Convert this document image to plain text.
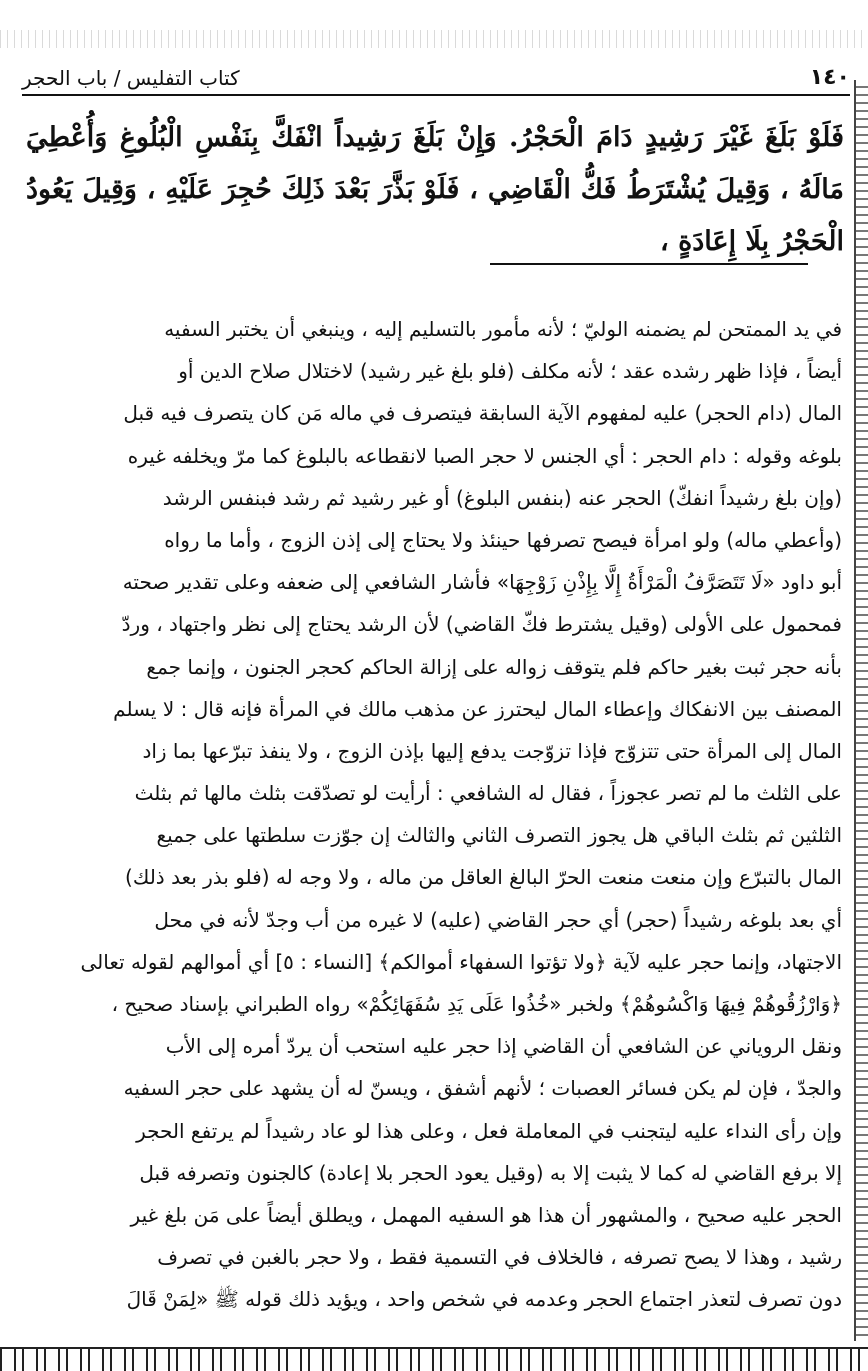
١٤٠
كتاب التفليس / باب الحجر
فَلَوْ بَلَغَ غَيْرَ رَشِيدٍ دَامَ الْحَجْرُ. وَإِنْ بَلَغَ رَشِيداً انْفَكَّ بِنَفْسِ الْبُلُوغِ وَأُعْطِيَ مَالَهُ ، وَقِيلَ يُشْتَرَطُ فَكُّ الْقَاضِي ، فَلَوْ بَذَّرَ بَعْدَ ذَلِكَ حُجِرَ عَلَيْهِ ، وَقِيلَ يَعُودُ الْحَجْرُ بِلَا إِعَادَةٍ ،
في يد الممتحن لم يضمنه الوليّ ؛ لأنه مأمور بالتسليم إليه ، وينبغي أن يختبر السفيه
أيضاً ، فإذا ظهر رشده عقد ؛ لأنه مكلف (فلو بلغ غير رشيد) لاختلال صلاح الدين أو
المال (دام الحجر) عليه لمفهوم الآية السابقة فيتصرف في ماله مَن كان يتصرف فيه قبل
بلوغه وقوله : دام الحجر : أي الجنس لا حجر الصبا لانقطاعه بالبلوغ كما مرّ ويخلفه غيره
(وإن بلغ رشيداً انفكّ) الحجر عنه (بنفس البلوغ) أو غير رشيد ثم رشد فبنفس الرشد
(وأعطي ماله) ولو امرأة فيصح تصرفها حينئذ ولا يحتاج إلى إذن الزوج ، وأما ما رواه
أبو داود «لَا تَتَصَرَّفُ الْمَرْأَةُ إِلَّا بِإِذْنِ زَوْجِهَا» فأشار الشافعي إلى ضعفه وعلى تقدير صحته
فمحمول على الأولى (وقيل يشترط فكّ القاضي) لأن الرشد يحتاج إلى نظر واجتهاد ، وردّ
بأنه حجر ثبت بغير حاكم فلم يتوقف زواله على إزالة الحاكم كحجر الجنون ، وإنما جمع
المصنف بين الانفكاك وإعطاء المال ليحترز عن مذهب مالك في المرأة فإنه قال : لا يسلم
المال إلى المرأة حتى تتزوّج فإذا تزوّجت يدفع إليها بإذن الزوج ، ولا ينفذ تبرّعها بما زاد
على الثلث ما لم تصر عجوزاً ، فقال له الشافعي : أرأيت لو تصدّقت بثلث مالها ثم بثلث
الثلثين ثم بثلث الباقي هل يجوز التصرف الثاني والثالث إن جوّزت سلطتها على جميع
المال بالتبرّع وإن منعت منعت الحرّ البالغ العاقل من ماله ، ولا وجه له (فلو بذر بعد ذلك)
أي بعد بلوغه رشيداً (حجر) أي حجر القاضي (عليه) لا غيره من أب وجدّ لأنه في محل
الاجتهاد، وإنما حجر عليه لآية ﴿ولا تؤتوا السفهاء أموالكم﴾ [النساء : ٥] أي أموالهم لقوله تعالى
﴿وَارْزُقُوهُمْ فِيهَا وَاكْسُوهُمْ﴾ ولخبر «خُذُوا عَلَى يَدِ سُفَهَائِكُمْ» رواه الطبراني بإسناد صحيح ،
ونقل الروياني عن الشافعي أن القاضي إذا حجر عليه استحب أن يردّ أمره إلى الأب
والجدّ ، فإن لم يكن فسائر العصبات ؛ لأنهم أشفق ، ويسنّ له أن يشهد على حجر السفيه
وإن رأى النداء عليه ليتجنب في المعاملة فعل ، وعلى هذا لو عاد رشيداً لم يرتفع الحجر
إلا برفع القاضي له كما لا يثبت إلا به (وقيل يعود الحجر بلا إعادة) كالجنون وتصرفه قبل
الحجر عليه صحيح ، والمشهور أن هذا هو السفيه المهمل ، ويطلق أيضاً على مَن بلغ غير
رشيد ، وهذا لا يصح تصرفه ، فالخلاف في التسمية فقط ، ولا حجر بالغبن في تصرف
دون تصرف لتعذر اجتماع الحجر وعدمه في شخص واحد ، ويؤيد ذلك قوله ﷺ «لِمَنْ قَالَ
